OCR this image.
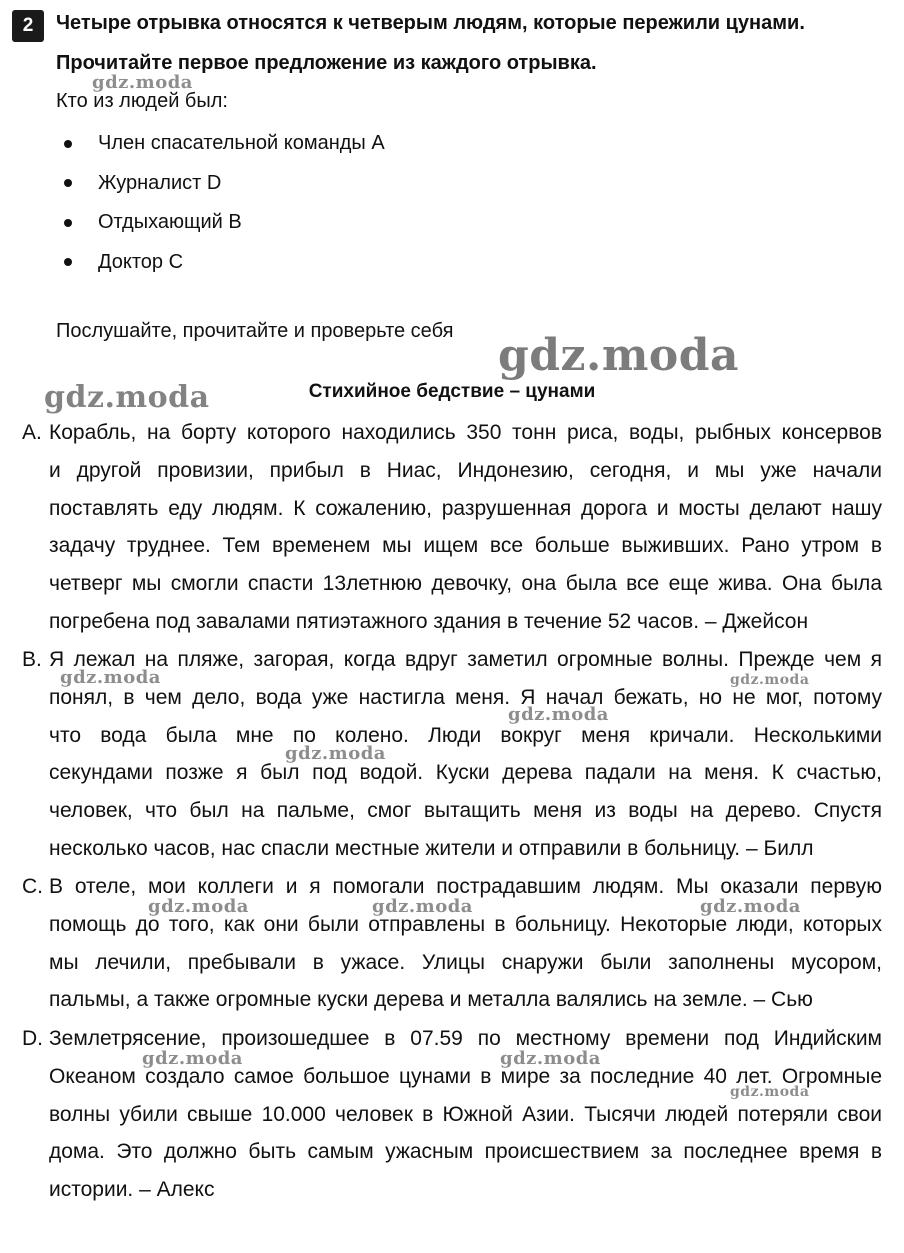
2	Четыре отрывка относятся к четверым людям, которые пережили цунами.
Прочитайте первое предложение из каждого отрывка.
Кто из людей был:
Член спасательной команды A
Журналист D
Отдыхающий B
Доктор C
Послушайте, прочитайте и проверьте себя
Стихийное бедствие – цунами
A. Корабль, на борту которого находились 350 тонн риса, воды, рыбных консервов
и другой провизии, прибыл в Ниас, Индонезию, сегодня, и мы уже начали
поставлять еду людям. К сожалению, разрушенная дорога и мосты делают нашу
задачу труднее. Тем временем мы ищем все больше выживших. Рано утром в
четверг мы смогли спасти 13летнюю девочку, она была все еще жива. Она была
погребена под завалами пятиэтажного здания в течение 52 часов. – Джейсон
B. Я лежал на пляже, загорая, когда вдруг заметил огромные волны. Прежде чем я
понял, в чем дело, вода уже настигла меня. Я начал бежать, но не мог, потому
что вода была мне по колено. Люди вокруг меня кричали. Несколькими
секундами позже я был под водой. Куски дерева падали на меня. К счастью,
человек, что был на пальме, смог вытащить меня из воды на дерево. Спустя
несколько часов, нас спасли местные жители и отправили в больницу. – Билл
C. В отеле, мои коллеги и я помогали пострадавшим людям. Мы оказали первую
помощь до того, как они были отправлены в больницу. Некоторые люди, которых
мы лечили, пребывали в ужасе. Улицы снаружи были заполнены мусором,
пальмы, а также огромные куски дерева и металла валялись на земле. – Сью
D. Землетрясение, произошедшее в 07.59 по местному времени под Индийским
Океаном создало самое большое цунами в мире за последние 40 лет. Огромные
волны убили свыше 10.000 человек в Южной Азии. Тысячи людей потеряли свои
дома. Это должно быть самым ужасным происшествием за последнее время в
истории. – Алекс
gdz.moda
gdz.moda
gdz.moda
gdz.moda	gdz.moda
gdz.moda
gdz.moda
gdz.moda	gdz.moda	gdz.moda
gdz.moda	gdz.moda
gdz.moda
